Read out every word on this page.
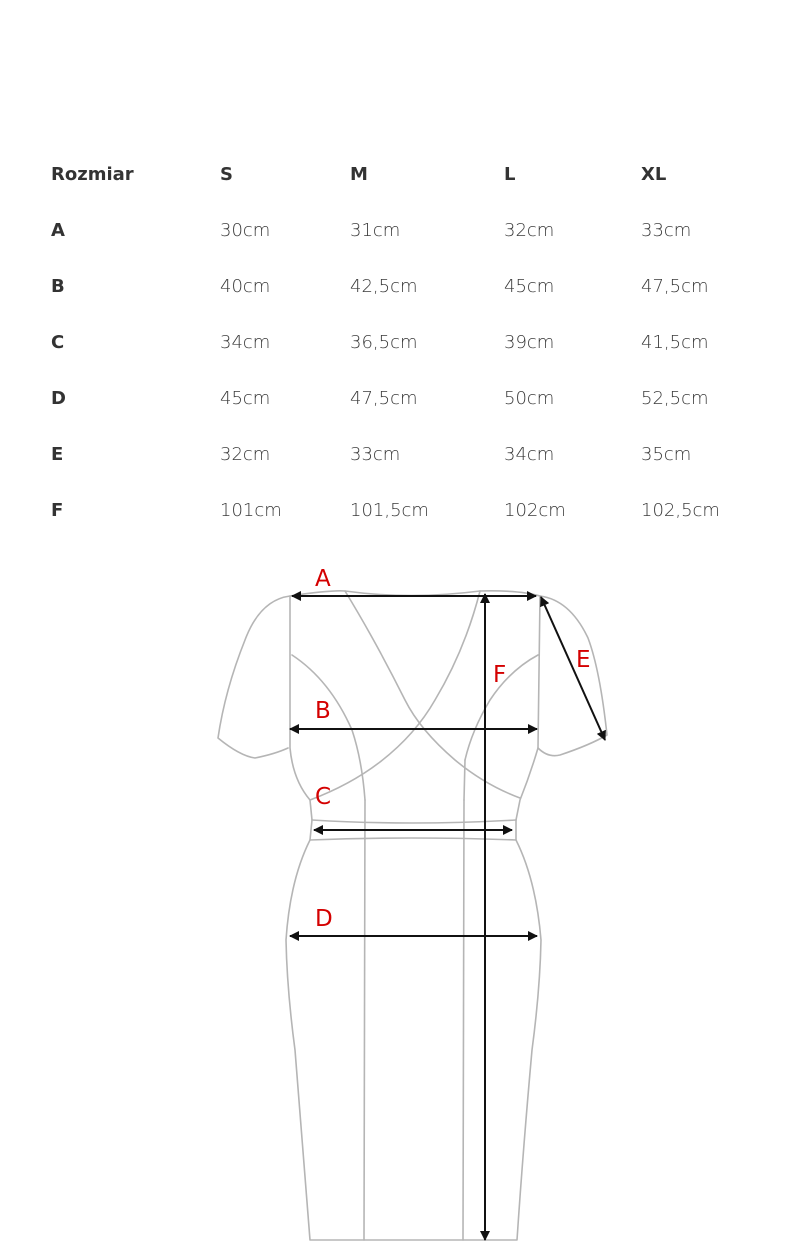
Rozmiar	S	M	L	XL
A	30cm	31cm	32cm	33cm
B	40cm	42,5cm	45cm	47,5cm
C	34cm	36,5cm	39cm	41,5cm
D	45cm	47,5cm	50cm	52,5cm
E	32cm	33cm	34cm	35cm
F	101cm	101,5cm	102cm	102,5cm
A
B
C
D
E
F
